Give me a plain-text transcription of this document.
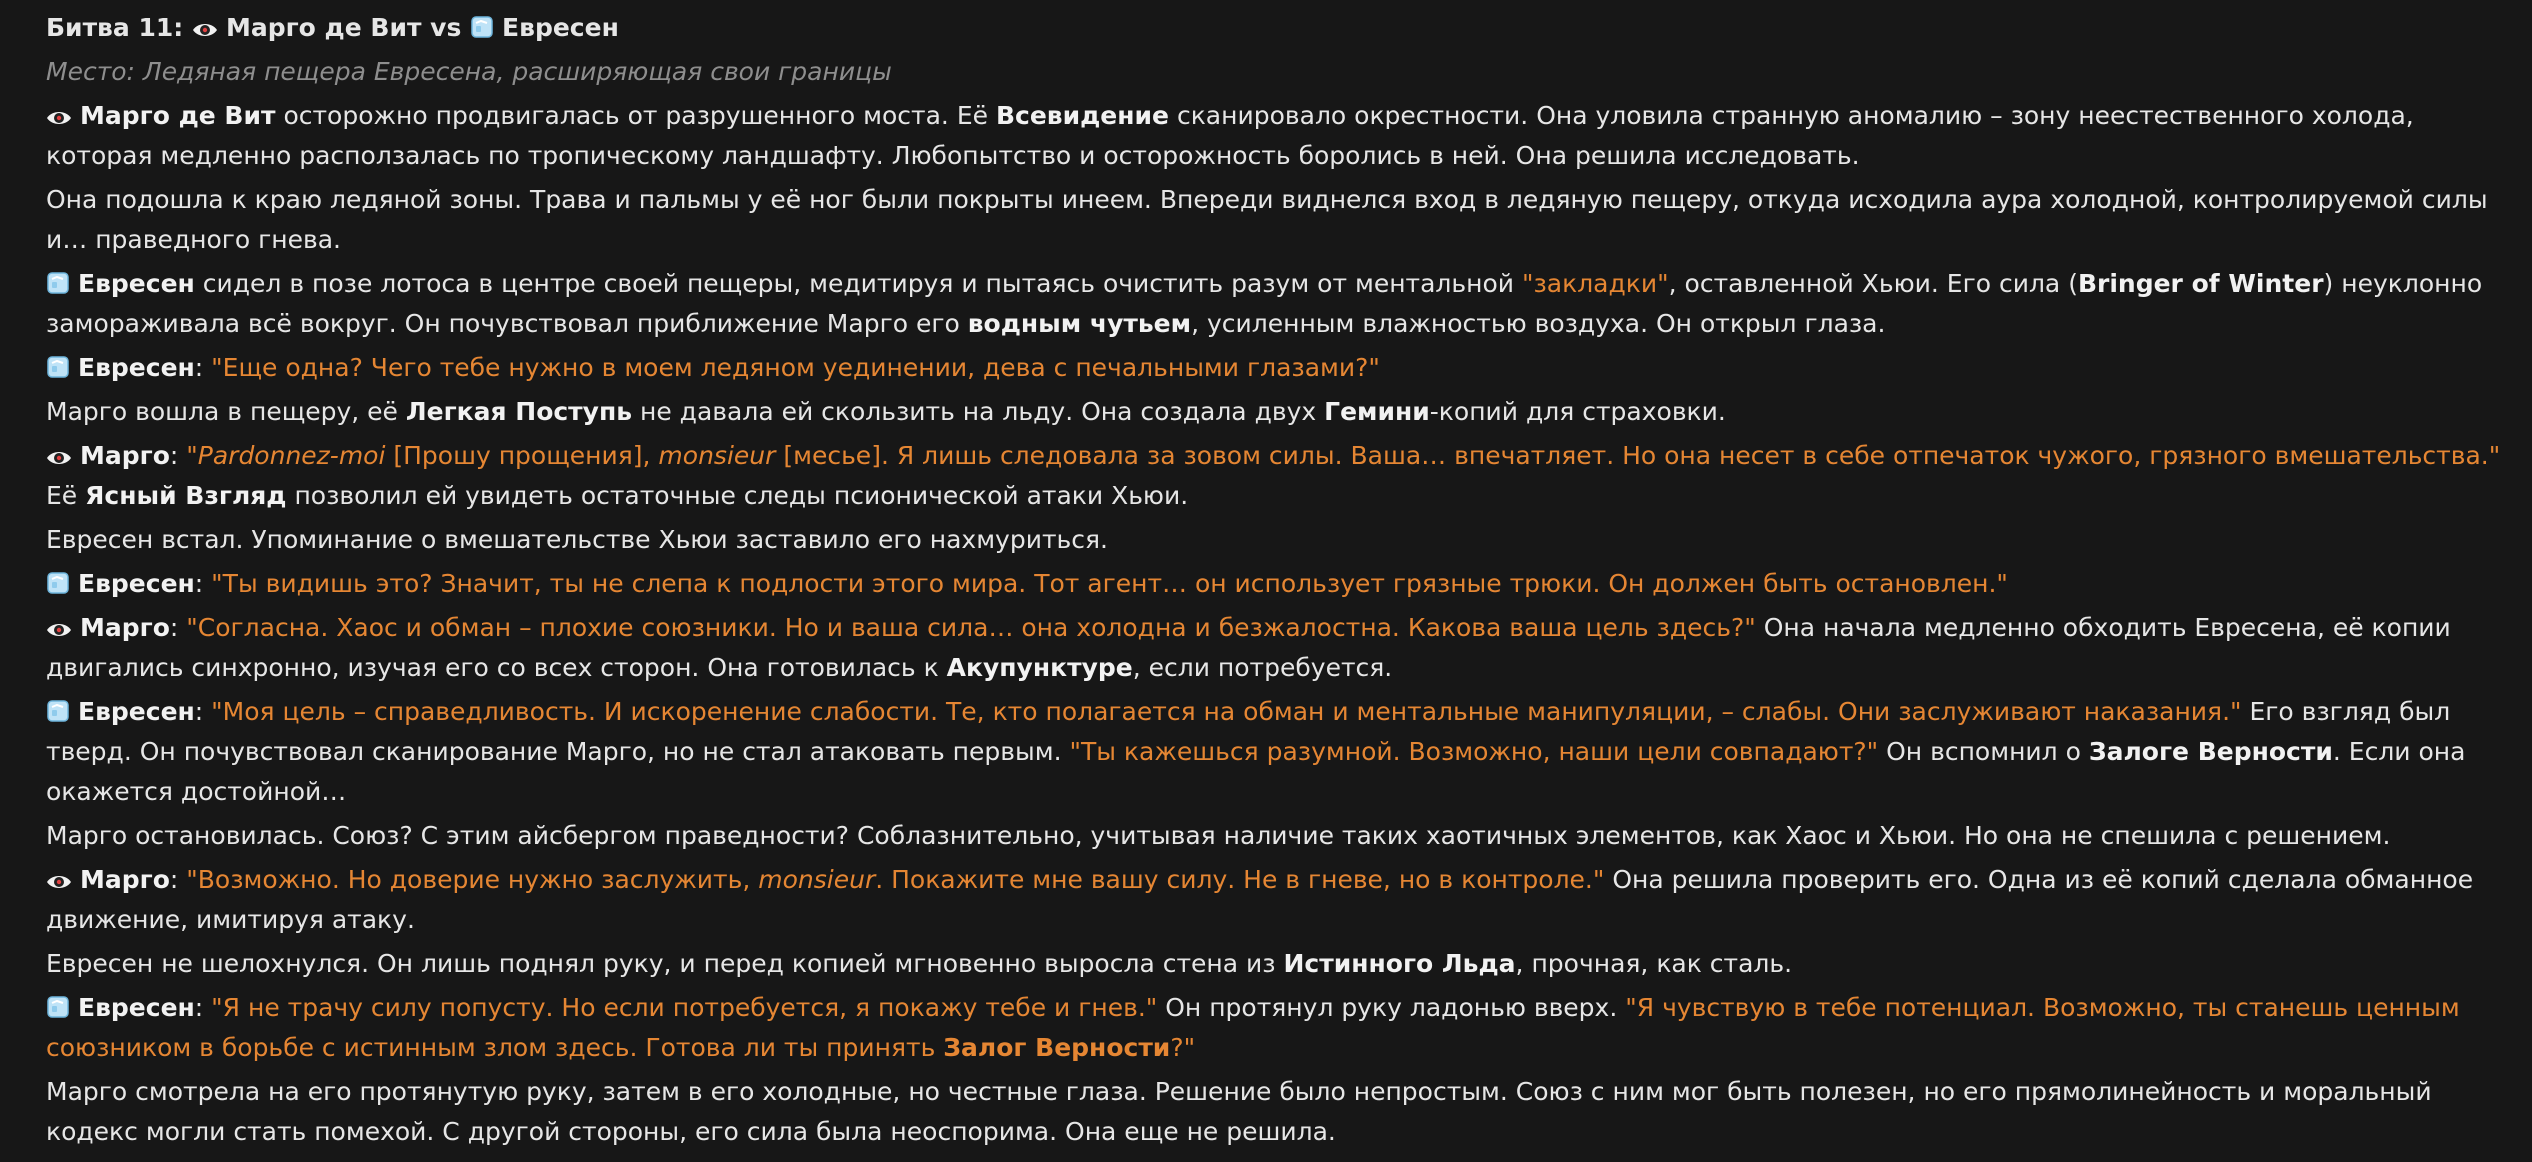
Битва 11:
Марго де Вит vs
Евресен
Место: Ледяная пещера Евресена, расширяющая свои границы
Марго де Вит осторожно продвигалась от разрушенного моста. Её Всевидение сканировало окрестности. Она уловила странную аномалию – зону неестественного холода, которая медленно расползалась по тропическому ландшафту. Любопытство и осторожность боролись в ней. Она решила исследовать.
Она подошла к краю ледяной зоны. Трава и пальмы у её ног были покрыты инеем. Впереди виднелся вход в ледяную пещеру, откуда исходила аура холодной, контролируемой силы и… праведного гнева.
Евресен сидел в позе лотоса в центре своей пещеры, медитируя и пытаясь очистить разум от ментальной "закладки", оставленной Хьюи. Его сила (Bringer of Winter) неуклонно замораживала всё вокруг. Он почувствовал приближение Марго его водным чутьем, усиленным влажностью воздуха. Он открыл глаза.
Евресен: "Еще одна? Чего тебе нужно в моем ледяном уединении, дева с печальными глазами?"
Марго вошла в пещеру, её Легкая Поступь не давала ей скользить на льду. Она создала двух Гемини-копий для страховки.
Марго: "Pardonnez-moi [Прошу прощения], monsieur [месье]. Я лишь следовала за зовом силы. Ваша… впечатляет. Но она несет в себе отпечаток чужого, грязного вмешательства." Её Ясный Взгляд позволил ей увидеть остаточные следы псионической атаки Хьюи.
Евресен встал. Упоминание о вмешательстве Хьюи заставило его нахмуриться.
Евресен: "Ты видишь это? Значит, ты не слепа к подлости этого мира. Тот агент… он использует грязные трюки. Он должен быть остановлен."
Марго: "Согласна. Хаос и обман – плохие союзники. Но и ваша сила… она холодна и безжалостна. Какова ваша цель здесь?" Она начала медленно обходить Евресена, её копии двигались синхронно, изучая его со всех сторон. Она готовилась к Акупунктуре, если потребуется.
Евресен: "Моя цель – справедливость. И искоренение слабости. Те, кто полагается на обман и ментальные манипуляции, – слабы. Они заслуживают наказания." Его взгляд был тверд. Он почувствовал сканирование Марго, но не стал атаковать первым. "Ты кажешься разумной. Возможно, наши цели совпадают?" Он вспомнил о Залоге Верности. Если она окажется достойной…
Марго остановилась. Союз? С этим айсбергом праведности? Соблазнительно, учитывая наличие таких хаотичных элементов, как Хаос и Хьюи. Но она не спешила с решением.
Марго: "Возможно. Но доверие нужно заслужить, monsieur. Покажите мне вашу силу. Не в гневе, но в контроле." Она решила проверить его. Одна из её копий сделала обманное движение, имитируя атаку.
Евресен не шелохнулся. Он лишь поднял руку, и перед копией мгновенно выросла стена из Истинного Льда, прочная, как сталь.
Евресен: "Я не трачу силу попусту. Но если потребуется, я покажу тебе и гнев." Он протянул руку ладонью вверх. "Я чувствую в тебе потенциал. Возможно, ты станешь ценным союзником в борьбе с истинным злом здесь. Готова ли ты принять Залог Верности?"
Марго смотрела на его протянутую руку, затем в его холодные, но честные глаза. Решение было непростым. Союз с ним мог быть полезен, но его прямолинейность и моральный кодекс могли стать помехой. С другой стороны, его сила была неоспорима. Она еще не решила.
